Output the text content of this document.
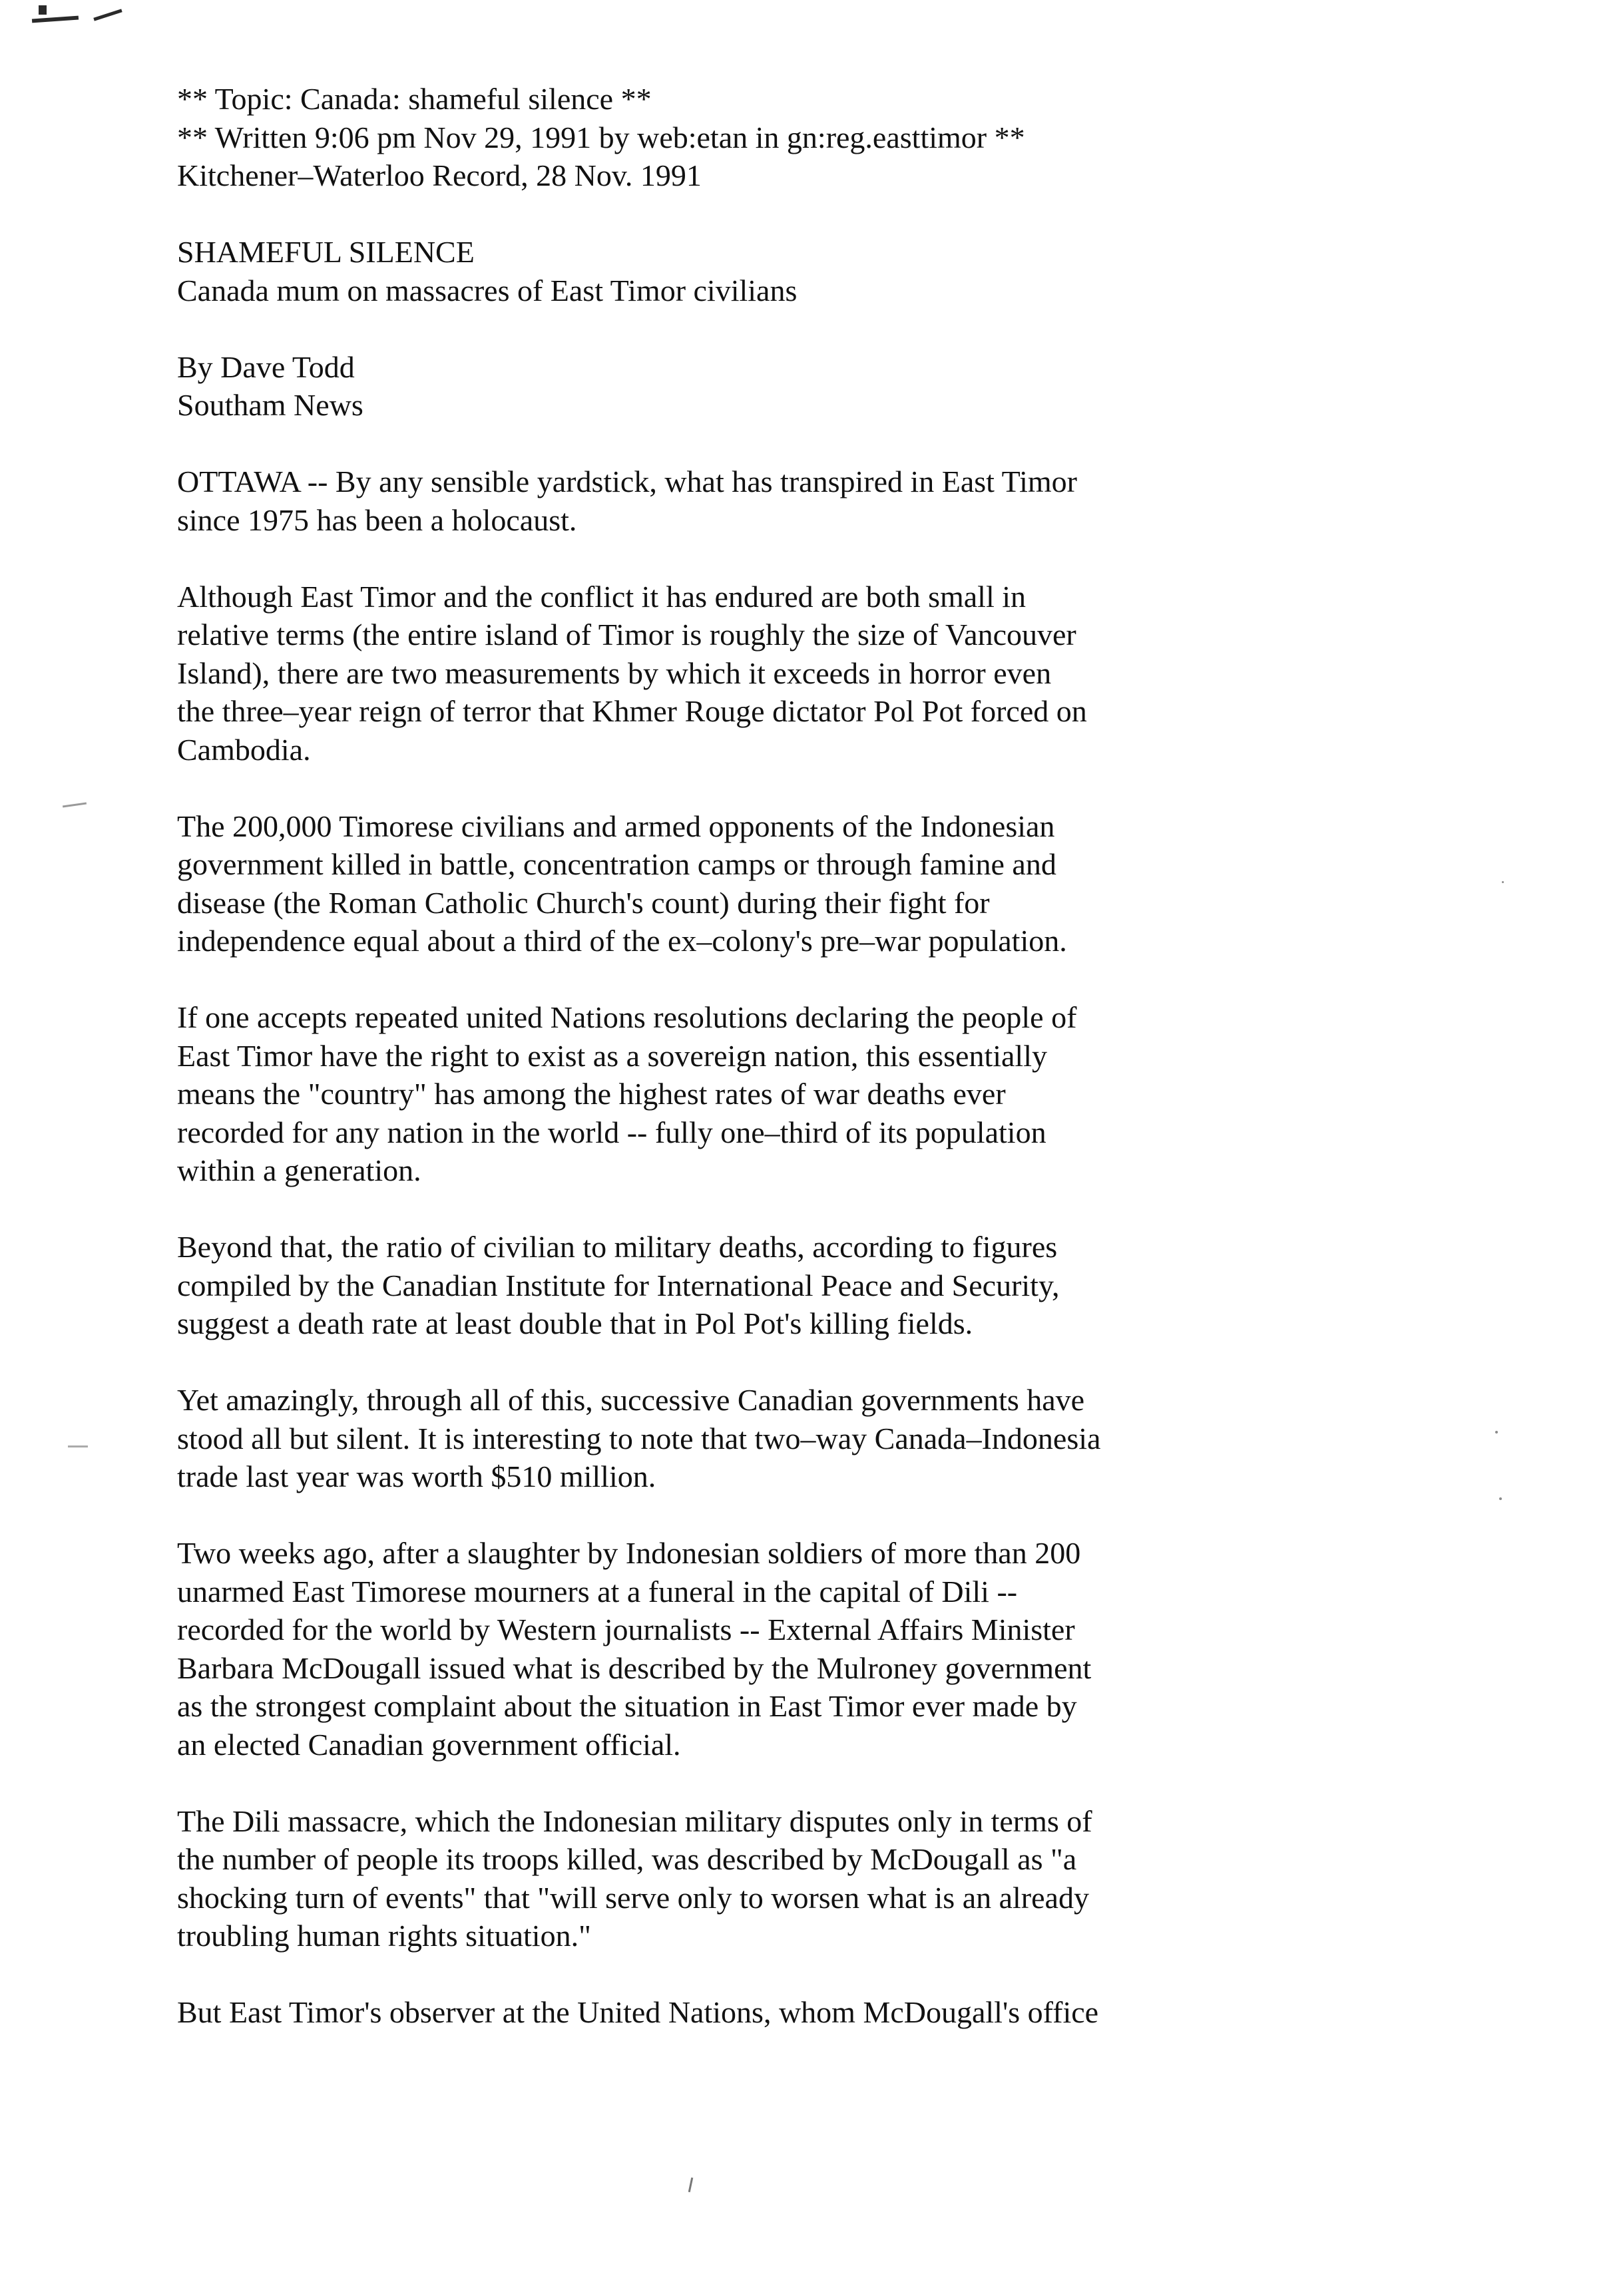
** Topic: Canada: shameful silence **
** Written 9:06 pm Nov 29, 1991 by web:etan in gn:reg.easttimor **
Kitchener–Waterloo Record, 28 Nov. 1991
SHAMEFUL SILENCE
Canada mum on massacres of East Timor civilians
By Dave Todd
Southam News
OTTAWA -- By any sensible yardstick, what has transpired in East Timor
since 1975 has been a holocaust.
Although East Timor and the conflict it has endured are both small in
relative terms (the entire island of Timor is roughly the size of Vancouver
Island), there are two measurements by which it exceeds in horror even
the three–year reign of terror that Khmer Rouge dictator Pol Pot forced on
Cambodia.
The 200,000 Timorese civilians and armed opponents of the Indonesian
government killed in battle, concentration camps or through famine and
disease (the Roman Catholic Church's count) during their fight for
independence equal about a third of the ex–colony's pre–war population.
If one accepts repeated united Nations resolutions declaring the people of
East Timor have the right to exist as a sovereign nation, this essentially
means the "country" has among the highest rates of war deaths ever
recorded for any nation in the world -- fully one–third of its population
within a generation.
Beyond that, the ratio of civilian to military deaths, according to figures
compiled by the Canadian Institute for International Peace and Security,
suggest a death rate at least double that in Pol Pot's killing fields.
Yet amazingly, through all of this, successive Canadian governments have
stood all but silent. It is interesting to note that two–way Canada–Indonesia
trade last year was worth $510 million.
Two weeks ago, after a slaughter by Indonesian soldiers of more than 200
unarmed East Timorese mourners at a funeral in the capital of Dili --
recorded for the world by Western journalists -- External Affairs Minister
Barbara McDougall issued what is described by the Mulroney government
as the strongest complaint about the situation in East Timor ever made by
an elected Canadian government official.
The Dili massacre, which the Indonesian military disputes only in terms of
the number of people its troops killed, was described by McDougall as "a
shocking turn of events" that "will serve only to worsen what is an already
troubling human rights situation."
But East Timor's observer at the United Nations, whom McDougall's office
